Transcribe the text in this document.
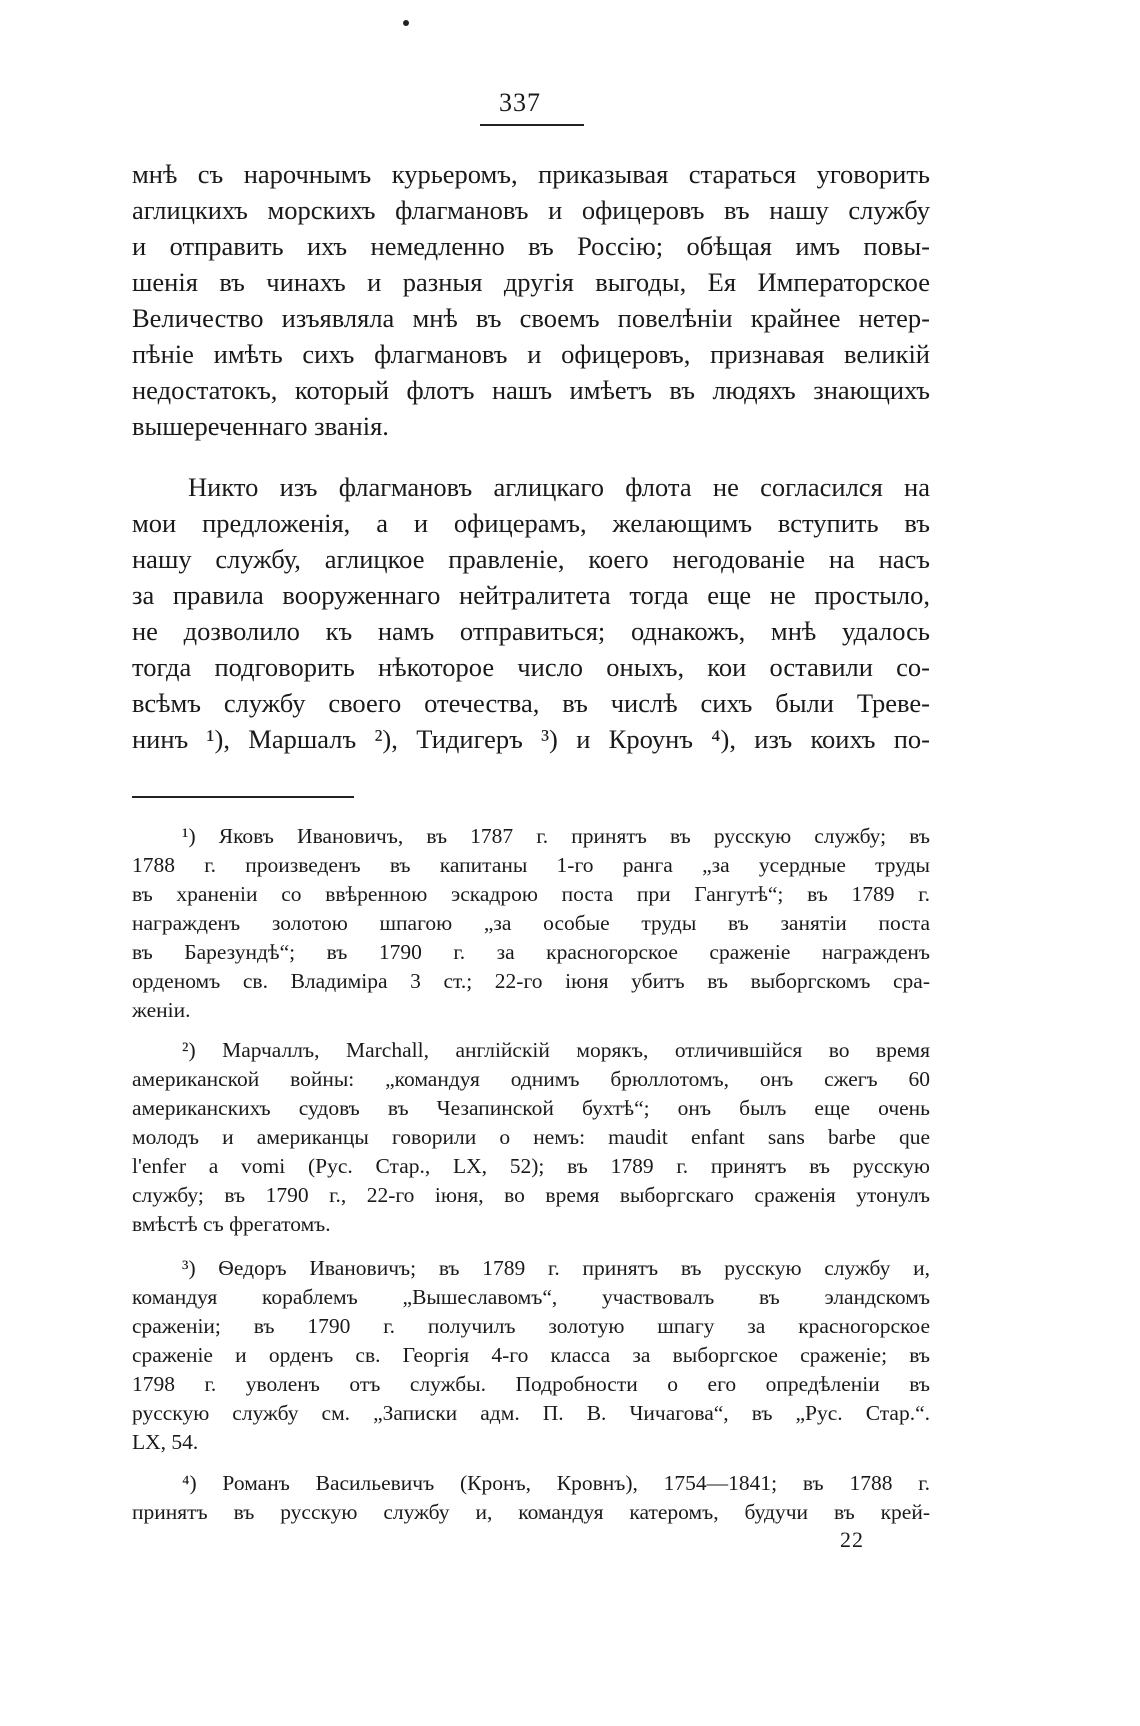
337
мнѣ съ нарочнымъ курьеромъ, приказывая стараться уговорить
аглицкихъ морскихъ флагмановъ и офицеровъ въ нашу службу
и отправить ихъ немедленно въ Россію; обѣщая имъ повы-
шенія въ чинахъ и разныя другія выгоды, Ея Императорское
Величество изъявляла мнѣ въ своемъ повелѣніи крайнее нетер-
пѣніе имѣть сихъ флагмановъ и офицеровъ, признавая великій
недостатокъ, который флотъ нашъ имѣетъ въ людяхъ знающихъ
вышереченнаго званія.
Никто изъ флагмановъ аглицкаго флота не согласился на
мои предложенія, а и офицерамъ, желающимъ вступить въ
нашу службу, аглицкое правленіе, коего негодованіе на насъ
за правила вооруженнаго нейтралитета тогда еще не простыло,
не дозволило къ намъ отправиться; однакожъ, мнѣ удалось
тогда подговорить нѣкоторое число оныхъ, кои оставили со-
всѣмъ службу своего отечества, въ числѣ сихъ были Треве-
нинъ ¹), Маршалъ ²), Тидигеръ ³) и Кроунъ ⁴), изъ коихъ по-
¹) Яковъ Ивановичъ, въ 1787 г. принятъ въ русскую службу; въ
1788 г. произведенъ въ капитаны 1-го ранга „за усердные труды
въ храненіи со ввѣренною эскадрою поста при Гангутѣ“; въ 1789 г.
награжденъ золотою шпагою „за особые труды въ занятіи поста
въ Барезундѣ“; въ 1790 г. за красногорское сраженіе награжденъ
орденомъ св. Владиміра 3 ст.; 22-го іюня убитъ въ выборгскомъ сра-
женіи.
²) Марчаллъ, Marchall, англійскій морякъ, отличившійся во время
американской войны: „командуя однимъ брюллотомъ, онъ сжегъ 60
американскихъ судовъ въ Чезапинской бухтѣ“; онъ былъ еще очень
молодъ и американцы говорили о немъ: maudit enfant sans barbe que
l'enfer a vomi (Рус. Стар., LX, 52); въ 1789 г. принятъ въ русскую
службу; въ 1790 г., 22-го іюня, во время выборгскаго сраженія утонулъ
вмѣстѣ съ фрегатомъ.
³) Ѳедоръ Ивановичъ; въ 1789 г. принятъ въ русскую службу и,
командуя кораблемъ „Вышеславомъ“, участвовалъ въ эландскомъ
сраженіи; въ 1790 г. получилъ золотую шпагу за красногорское
сраженіе и орденъ св. Георгія 4-го класса за выборгское сраженіе; въ
1798 г. уволенъ отъ службы. Подробности о его опредѣленіи въ
русскую службу см. „Записки адм. П. В. Чичагова“, въ „Рус. Стар.“.
LX, 54.
⁴) Романъ Васильевичъ (Кронъ, Кровнъ), 1754—1841; въ 1788 г.
принятъ въ русскую службу и, командуя катеромъ, будучи въ крей-
22
